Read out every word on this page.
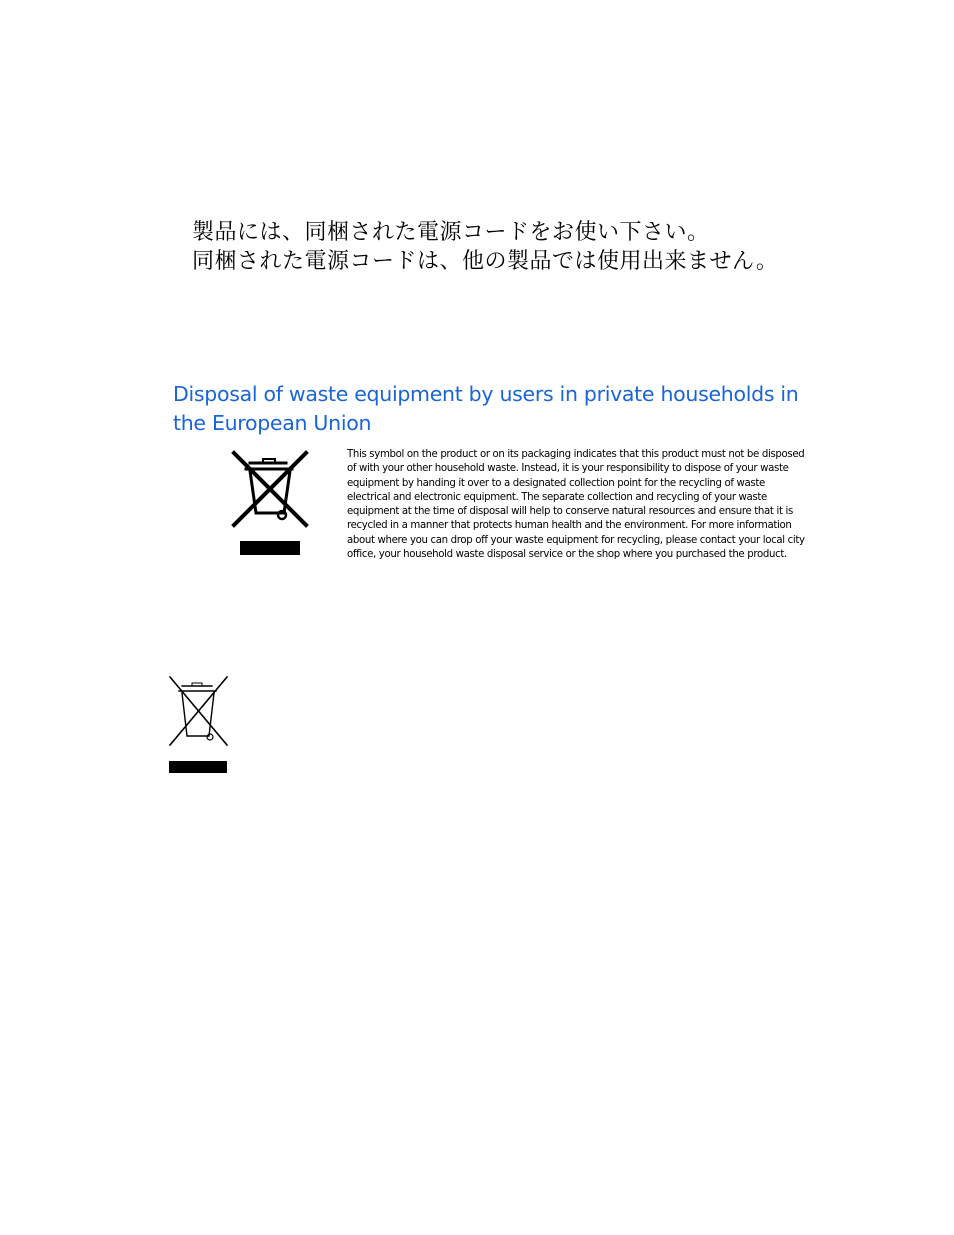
製品には、同梱された電源コードをお使い下さい。
同梱された電源コードは、他の製品では使用出来ません。
Disposal of waste equipment by users in private households in the European Union
This symbol on the product or on its packaging indicates that this product must not be disposed of with your other household waste. Instead, it is your responsibility to dispose of your waste equipment by handing it over to a designated collection point for the recycling of waste electrical and electronic equipment. The separate collection and recycling of your waste equipment at the time of disposal will help to conserve natural resources and ensure that it is recycled in a manner that protects human health and the environment. For more information about where you can drop off your waste equipment for recycling, please contact your local city office, your household waste disposal service or the shop where you purchased the product.
